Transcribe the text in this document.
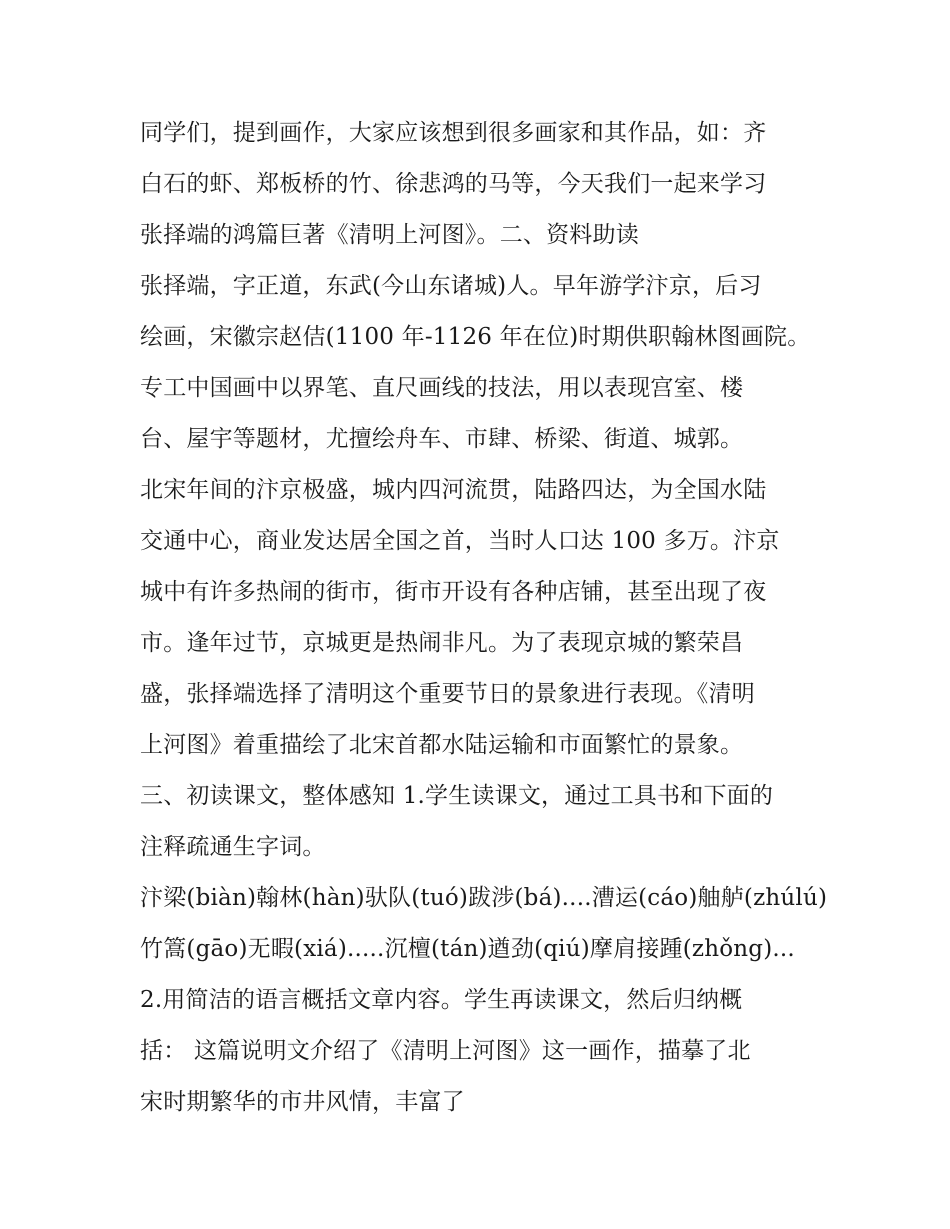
同学们，提到画作，大家应该想到很多画家和其作品，如：齐
白石的虾、郑板桥的竹、徐悲鸿的马等，今天我们一起来学习
张择端的鸿篇巨著《清明上河图》。二、资料助读
张择端，字正道，东武(今山东诸城)人。早年游学汴京，后习
绘画，宋徽宗赵佶(1100 年-1126 年在位)时期供职翰林图画院。
专工中国画中以界笔、直尺画线的技法，用以表现宫室、楼
台、屋宇等题材，尤擅绘舟车、市肆、桥梁、街道、城郭。
北宋年间的汴京极盛，城内四河流贯，陆路四达，为全国水陆
交通中心，商业发达居全国之首，当时人口达 100 多万。汴京
城中有许多热闹的街市，街市开设有各种店铺，甚至出现了夜
市。逢年过节，京城更是热闹非凡。为了表现京城的繁荣昌
盛，张择端选择了清明这个重要节日的景象进行表现。《清明
上河图》着重描绘了北宋首都水陆运输和市面繁忙的景象。
三、初读课文，整体感知 1.学生读课文，通过工具书和下面的
注释疏通生字词。
汴梁(biàn)翰林(hàn)驮队(tuó)跋涉(bá)....漕运(cáo)舳舻(zhúlú)
竹篙(gāo)无暇(xiá).....沉檀(tán)遒劲(qiú)摩肩接踵(zhǒng)...
2.用简洁的语言概括文章内容。学生再读课文，然后归纳概
括： 这篇说明文介绍了《清明上河图》这一画作，描摹了北
宋时期繁华的市井风情，丰富了
